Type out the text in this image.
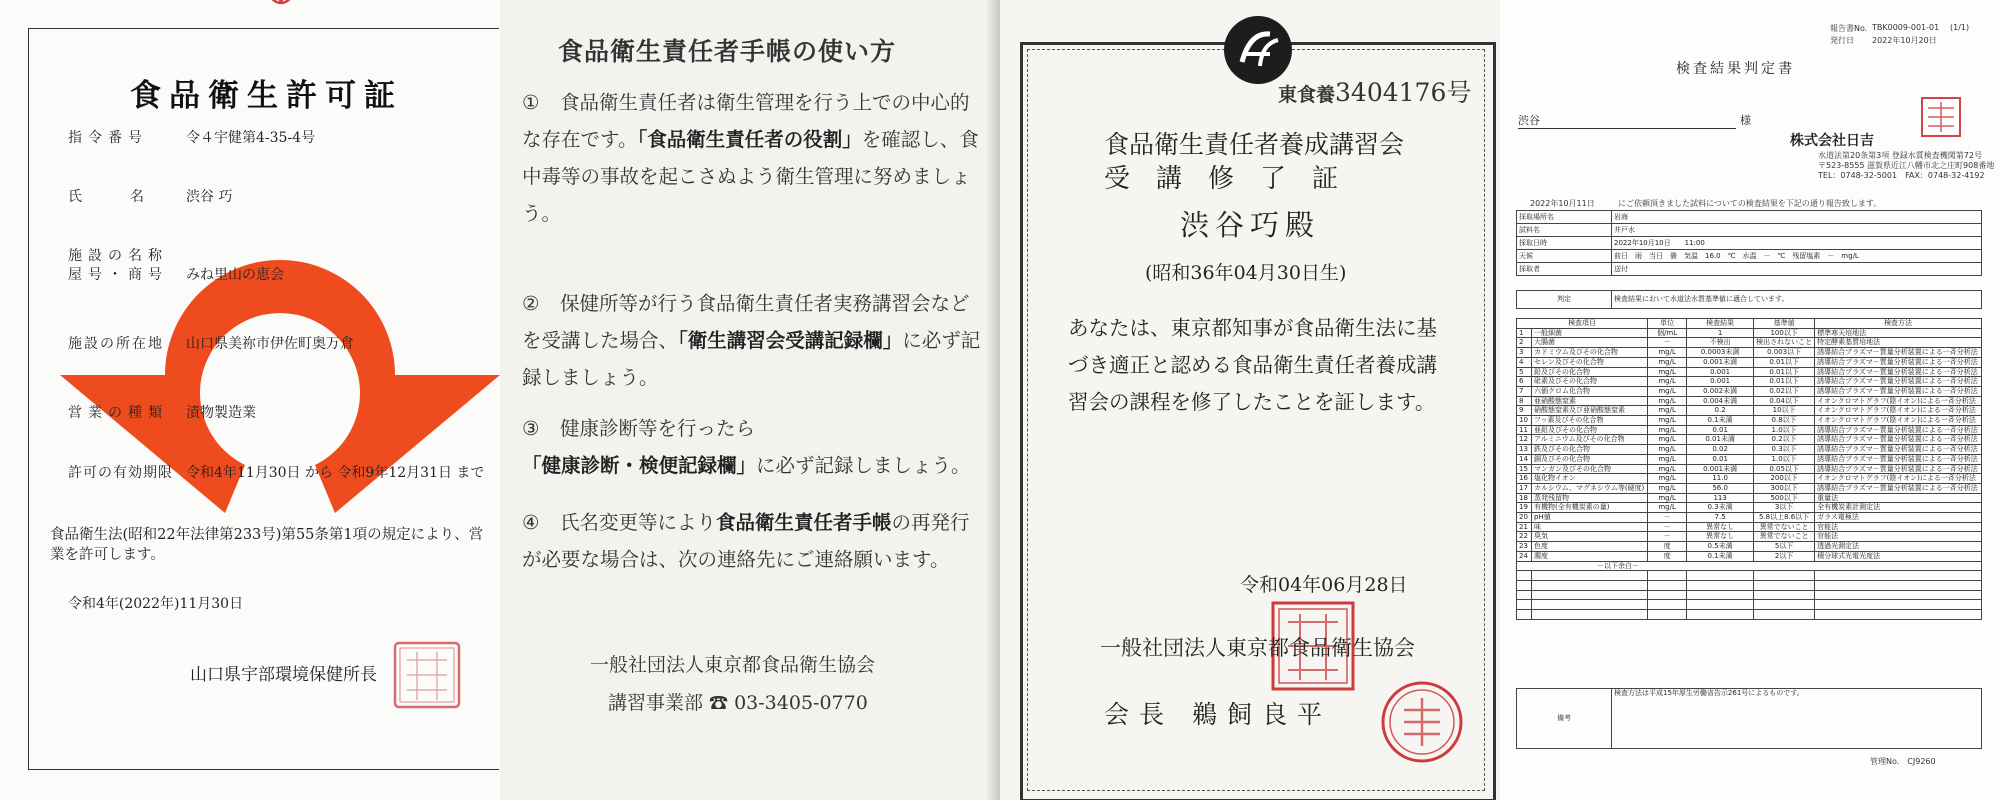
食品衛生許可証
指令番号	令４宇健第4-35-4号
氏名渋谷 巧
施設の名称
屋号・商号 みね里山の恵会
施設の所在地 山口県美祢市伊佐町奥万倉
営業の種類 漬物製造業
許可の有効期限 令和4年11月30日 から 令和9年12月31日 まで
食品衛生法(昭和22年法律第233号)第55条第1項の規定により、営業を許可します。
令和4年(2022年)11月30日
山口県宇部環境保健所長
食品衛生責任者手帳の使い方
① 食品衛生責任者は衛生管理を行う上での中心的な存在です。「食品衛生責任者の役割」を確認し、食中毒等の事故を起こさぬよう衛生管理に努めましょう。
② 保健所等が行う食品衛生責任者実務講習会などを受講した場合、「衛生講習会受講記録欄」に必ず記録しましょう。
③ 健康診断等を行ったら「健康診断・検便記録欄」に必ず記録しましょう。
④ 氏名変更等により食品衛生責任者手帳の再発行が必要な場合は、次の連絡先にご連絡願います。
一般社団法人東京都食品衛生協会
講習事業部 ☎ 03-3405-0770
東食養3404176号
食品衛生責任者養成講習会
受講修了証
渋谷巧殿
(昭和36年04月30日生)
あなたは、東京都知事が食品衛生法に基づき適正と認める食品衛生責任者養成講習会の課程を修了したことを証します。
令和04年06月28日
一般社団法人東京都食品衛生協会
会長 鵜飼良平
報告書No. TBK0009-001-01 (1/1)
発行日 2022年10月20日
検査結果判定書
渋谷	様
株式会社日吉
水道法第20条第3項 登録水質検査機関第72号
〒523-8555 滋賀県近江八幡市北之庄町908番地
TEL：0748-32-5001　FAX：0748-32-4192
2022年10月11日	にご依頼頂きました試料についての検査結果を下記の通り報告致します。
採取場所名	岩海
試料名	井戸水
採取日時	2022年10月10日　　11:00
天候	前日　雨　当日　曇　気温　16.0　℃　水温　－　℃　残留塩素　－　mg/L
採取者	送付
判定	検査結果において水道法水質基準値に適合しています。
検査項目		単位	検査結果	基準値	検査方法
1	一般細菌	個/mL	1	100以下	標準寒天培地法
2	大腸菌	－	不検出	検出されないこと	特定酵素基質培地法
3	カドミウム及びその化合物	mg/L	0.0003未満	0.003以下	誘導結合プラズマ－質量分析装置による一斉分析法
4	セレン及びその化合物	mg/L	0.001未満	0.01以下	誘導結合プラズマ－質量分析装置による一斉分析法
5	鉛及びその化合物	mg/L	0.001	0.01以下	誘導結合プラズマ－質量分析装置による一斉分析法
6	砒素及びその化合物	mg/L	0.001	0.01以下	誘導結合プラズマ－質量分析装置による一斉分析法
7	六価クロム化合物	mg/L	0.002未満	0.02以下	誘導結合プラズマ－質量分析装置による一斉分析法
8	亜硝酸態窒素	mg/L	0.004未満	0.04以下	イオンクロマトグラフ(陰イオン)による一斉分析法
9	硝酸態窒素及び亜硝酸態窒素	mg/L	0.2	10以下	イオンクロマトグラフ(陰イオン)による一斉分析法
10	フッ素及びその化合物	mg/L	0.1未満	0.8以下	イオンクロマトグラフ(陰イオン)による一斉分析法
11	亜鉛及びその化合物	mg/L	0.01	1.0以下	誘導結合プラズマ－質量分析装置による一斉分析法
12	アルミニウム及びその化合物	mg/L	0.01未満	0.2以下	誘導結合プラズマ－質量分析装置による一斉分析法
13	鉄及びその化合物	mg/L	0.02	0.3以下	誘導結合プラズマ－質量分析装置による一斉分析法
14	銅及びその化合物	mg/L	0.01	1.0以下	誘導結合プラズマ－質量分析装置による一斉分析法
15	マンガン及びその化合物	mg/L	0.001未満	0.05以下	誘導結合プラズマ－質量分析装置による一斉分析法
16	塩化物イオン	mg/L	11.0	200以下	イオンクロマトグラフ(陰イオン)による一斉分析法
17	カルシウム、マグネシウム等(硬度)	mg/L	56.0	300以下	誘導結合プラズマ－質量分析装置による一斉分析法
18	蒸発残留物	mg/L	113	500以下	重量法
19	有機物(全有機炭素の量)	mg/L	0.3未満	3以下	全有機炭素計測定法
20	pH値	－	7.5	5.8以上8.6以下	ガラス電極法
21	味	－	異常なし	異常でないこと	官能法
22	臭気	－	異常なし	異常でないこと	官能法
23	色度	度	0.5未満	5以下	透過光測定法
24	濁度	度	0.1未満	2以下	積分球式光電光度法
－以下余白－					

備考	検査方法は平成15年厚生労働省告示261号によるものです。
管理No.　CJ9260
